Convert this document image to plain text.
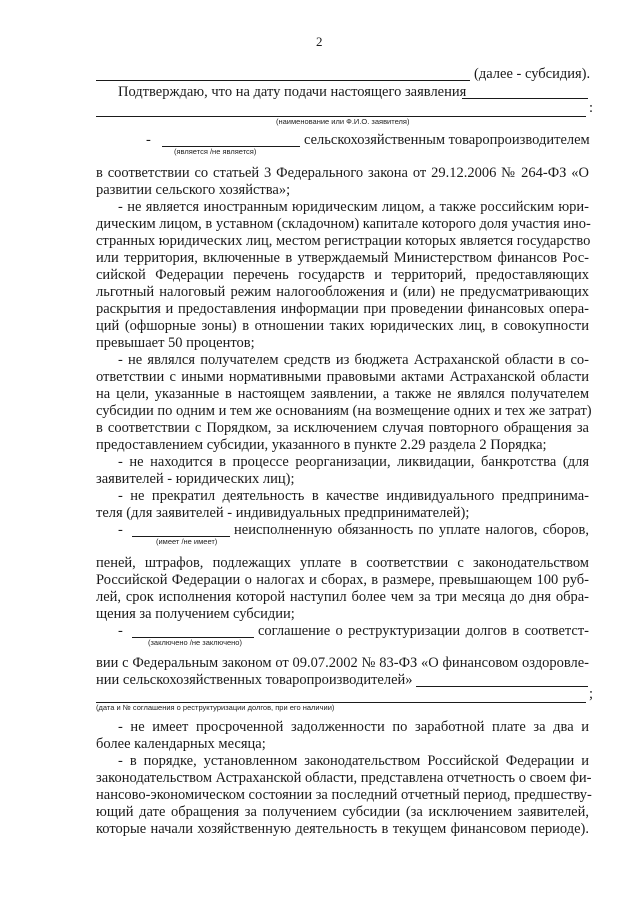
2
(далее - субсидия).
Подтверждаю, что на дату подачи настоящего заявления
:
(наименование или Ф.И.О. заявителя)
-	сельскохозяйственным товаропроизводителем
(является /не является)
в соответствии со статьей 3 Федерального закона от 29.12.2006 № 264-ФЗ «О
развитии сельского хозяйства»;
- не является иностранным юридическим лицом, а также российским юри-
дическим лицом, в уставном (складочном) капитале которого доля участия ино-
странных юридических лиц, местом регистрации которых является государство
или территория, включенные в утверждаемый Министерством финансов Рос-
сийской Федерации перечень государств и территорий, предоставляющих
льготный налоговый режим налогообложения и (или) не предусматривающих
раскрытия и предоставления информации при проведении финансовых опера-
ций (офшорные зоны) в отношении таких юридических лиц, в совокупности
превышает 50 процентов;
- не являлся получателем средств из бюджета Астраханской области в со-
ответствии с иными нормативными правовыми актами Астраханской области
на цели, указанные в настоящем заявлении, а также не являлся получателем
субсидии по одним и тем же основаниям (на возмещение одних и тех же затрат)
в соответствии с Порядком, за исключением случая повторного обращения за
предоставлением субсидии, указанного в пункте 2.29 раздела 2 Порядка;
- не находится в процессе реорганизации, ликвидации, банкротства (для
заявителей - юридических лиц);
- не прекратил деятельность в качестве индивидуального предпринима-
теля (для заявителей - индивидуальных предпринимателей);
-	неисполненную обязанность по уплате налогов, сборов,
(имеет /не имеет)
пеней, штрафов, подлежащих уплате в соответствии с законодательством
Российской Федерации о налогах и сборах, в размере, превышающем 100 руб-
лей, срок исполнения которой наступил более чем за три месяца до дня обра-
щения за получением субсидии;
-	соглашение о реструктуризации долгов в соответст-
(заключено /не заключено)
вии с Федеральным законом от 09.07.2002 № 83-ФЗ «О финансовом оздоровле-
нии сельскохозяйственных товаропроизводителей»
;
(дата и № соглашения о реструктуризации долгов, при его наличии)
- не имеет просроченной задолженности по заработной плате за два и
более календарных месяца;
- в порядке, установленном законодательством Российской Федерации и
законодательством Астраханской области, представлена отчетность о своем фи-
нансово-экономическом состоянии за последний отчетный период, предшеству-
ющий дате обращения за получением субсидии (за исключением заявителей,
которые начали хозяйственную деятельность в текущем финансовом периоде).
